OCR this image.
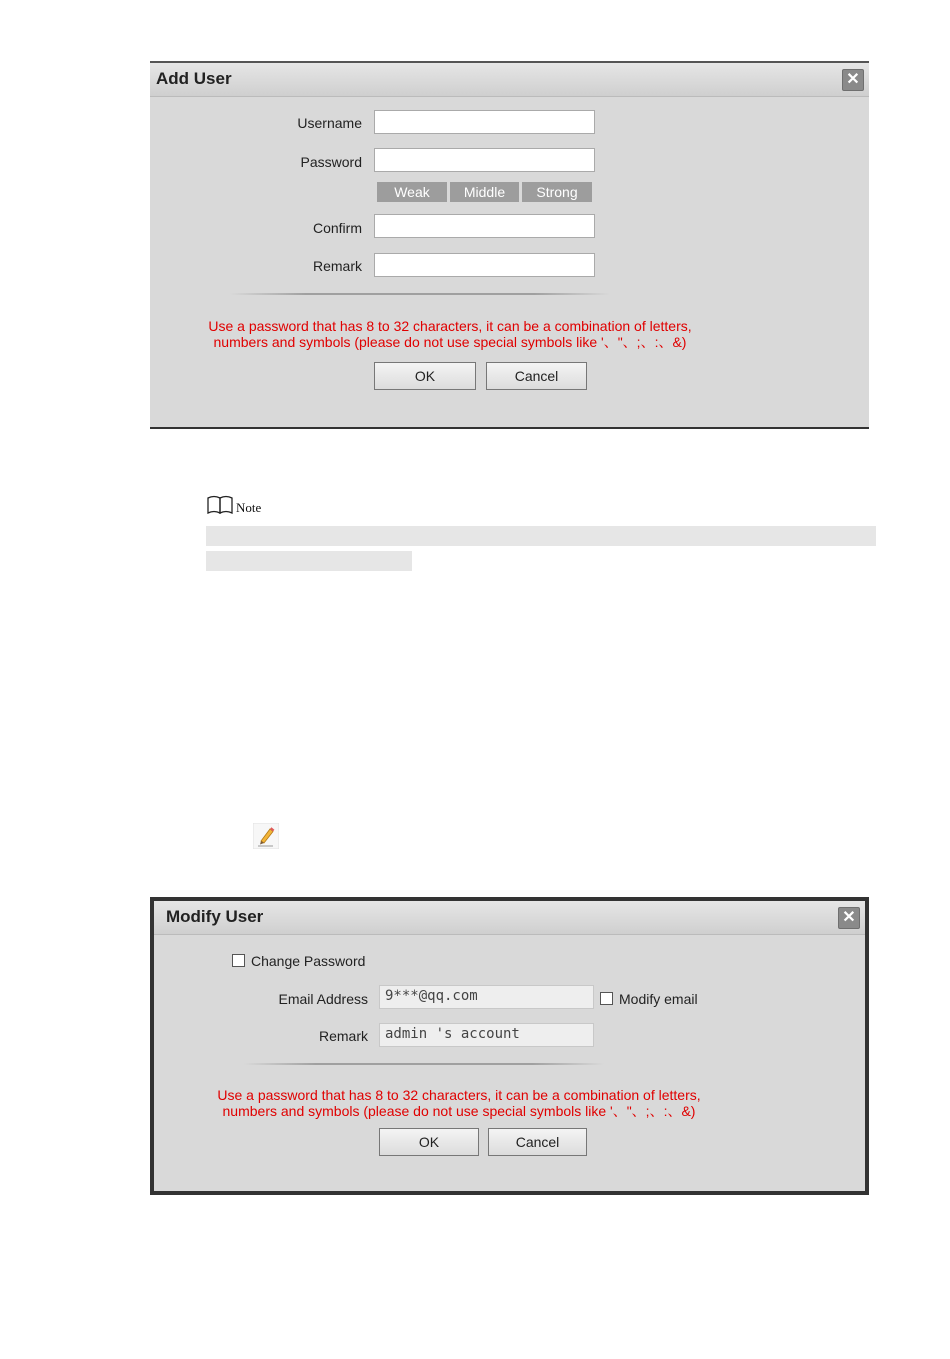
Add User	✕
Username
Password
Weak	Middle	Strong
Confirm
Remark
Use a password that has 8 to 32 characters, it can be a combination of letters,
numbers and symbols (please do not use special symbols like '、"、;、:、&)
OK	Cancel
Note
Modify User	✕
Change Password
Email Address	9***@qq.com	Modify email
Remark	admin 's account
Use a password that has 8 to 32 characters, it can be a combination of letters,
numbers and symbols (please do not use special symbols like '、"、;、:、&)
OK	Cancel
